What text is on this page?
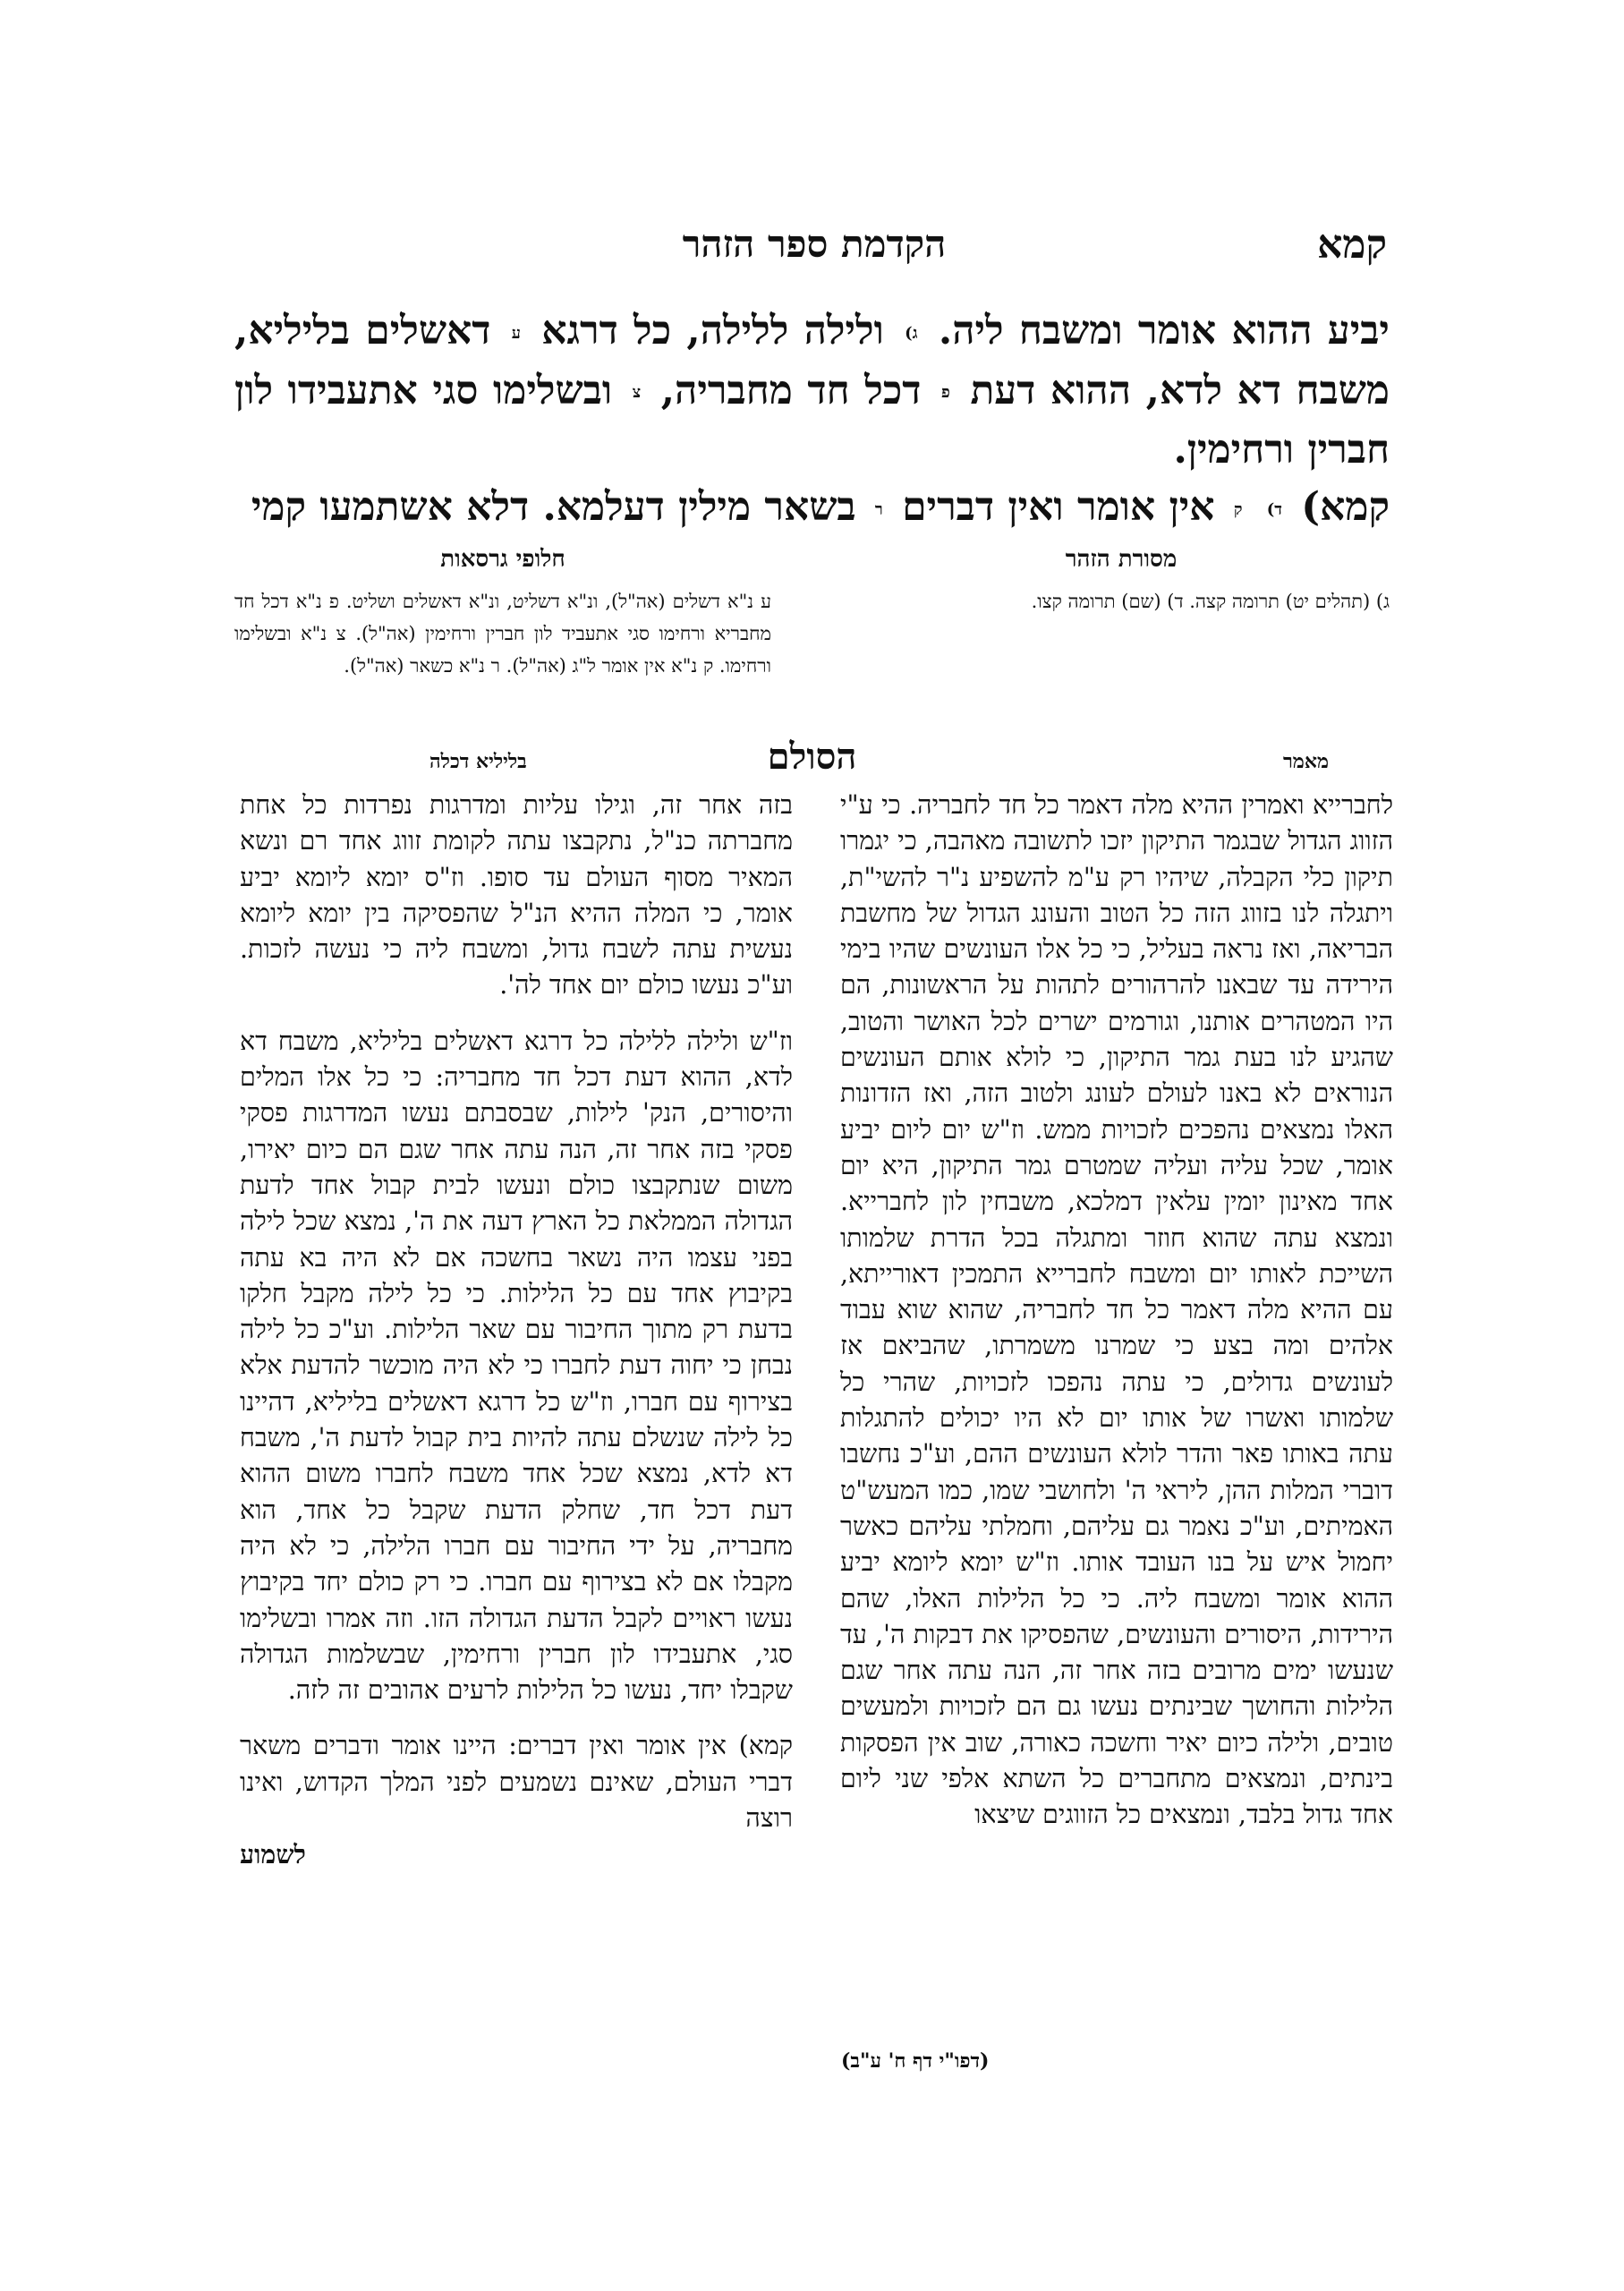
קמא
הקדמת ספר הזהר

יביע ההוא אומר ומשבח ליה. ג) ולילה ללילה, כל דרגא ע דאשלים בליליא, משבח דא לדא, ההוא דעת פ דכל חד מחבריה, צ ובשלימו סגי אתעבידו לון חברין ורחימין.

קמא) ד) ק אין אומר ואין דברים ר בשאר מילין דעלמא. דלא אשתמעו קמי

מסורת הזהר
ג) (תהלים יט) תרומה קצה. ד) (שם) תרומה קצו.
חלופי גרסאות
ע נ"א דשלים (אה"ל), ונ"א דשליט, ונ"א דאשלים ושליט. פ נ"א דכל חד מחבריא ורחימו סגי אתעביד לון חברין ורחימין (אה"ל). צ נ"א ובשלימו ורחימו. ק נ"א אין אומר ל"ג (אה"ל). ר נ"א כשאר (אה"ל).
מאמר
הסולם
בליליא דכלה

לחברייא ואמרין ההיא מלה דאמר כל חד לחבריה. כי ע"י הזווג הגדול שבגמר התיקון יזכו לתשובה מאהבה, כי יגמרו תיקון כלי הקבלה, שיהיו רק ע"מ להשפיע נ"ר להשי"ת, ויתגלה לנו בזווג הזה כל הטוב והעונג הגדול של מחשבת הבריאה, ואז נראה בעליל, כי כל אלו העונשים שהיו בימי הירידה עד שבאנו להרהורים לתהות על הראשונות, הם היו המטהרים אותנו, וגורמים ישרים לכל האושר והטוב, שהגיע לנו בעת גמר התיקון, כי לולא אותם העונשים הנוראים לא באנו לעולם לעונג ולטוב הזה, ואז הזדונות האלו נמצאים נהפכים לזכויות ממש. וז"ש יום ליום יביע אומר, שכל עליה ועליה שמטרם גמר התיקון, היא יום אחד מאינון יומין עלאין דמלכא, משבחין לון לחברייא. ונמצא עתה שהוא חוזר ומתגלה בכל הדרת שלמותו השייכת לאותו יום ומשבח לחברייא התמכין דאורייתא, עם ההיא מלה דאמר כל חד לחבריה, שהוא שוא עבוד אלהים ומה בצע כי שמרנו משמרתו, שהביאם אז לעונשים גדולים, כי עתה נהפכו לזכויות, שהרי כל שלמותו ואשרו של אותו יום לא היו יכולים להתגלות עתה באותו פאר והדר לולא העונשים ההם, וע"כ נחשבו דוברי המלות ההן, ליראי ה' ולחושבי שמו, כמו המעש"ט האמיתים, וע"כ נאמר גם עליהם, וחמלתי עליהם כאשר יחמול איש על בנו העובד אותו. וז"ש יומא ליומא יביע ההוא אומר ומשבח ליה. כי כל הלילות האלו, שהם הירידות, היסורים והעונשים, שהפסיקו את דבקות ה', עד שנעשו ימים מרובים בזה אחר זה, הנה עתה אחר שגם הלילות והחושך שבינתים נעשו גם הם לזכויות ולמעשים טובים, ולילה כיום יאיר וחשכה כאורה, שוב אין הפסקות בינתים, ונמצאים מתחברים כל השתא אלפי שני ליום אחד גדול בלבד, ונמצאים כל הזווגים שיצאו

בזה אחר זה, וגילו עליות ומדרגות נפרדות כל אחת מחברתה כנ"ל, נתקבצו עתה לקומת זווג אחד רם ונשא המאיר מסוף העולם עד סופו. וז"ס יומא ליומא יביע אומר, כי המלה ההיא הנ"ל שהפסיקה בין יומא ליומא נעשית עתה לשבח גדול, ומשבח ליה כי נעשה לזכות. וע"כ נעשו כולם יום אחד לה'.

וז"ש ולילה ללילה כל דרגא דאשלים בליליא, משבח דא לדא, ההוא דעת דכל חד מחבריה: כי כל אלו המלים והיסורים, הנק' לילות, שבסבתם נעשו המדרגות פסקי פסקי בזה אחר זה, הנה עתה אחר שגם הם כיום יאירו, משום שנתקבצו כולם ונעשו לבית קבול אחד לדעת הגדולה הממלאת כל הארץ דעה את ה', נמצא שכל לילה בפני עצמו היה נשאר בחשכה אם לא היה בא עתה בקיבוץ אחד עם כל הלילות. כי כל לילה מקבל חלקו בדעת רק מתוך החיבור עם שאר הלילות. וע"כ כל לילה נבחן כי יחוה דעת לחברו כי לא היה מוכשר להדעת אלא בצירוף עם חברו, וז"ש כל דרגא דאשלים בליליא, דהיינו כל לילה שנשלם עתה להיות בית קבול לדעת ה', משבח דא לדא, נמצא שכל אחד משבח לחברו משום ההוא דעת דכל חד, שחלק הדעת שקבל כל אחד, הוא מחבריה, על ידי החיבור עם חברו הלילה, כי לא היה מקבלו אם לא בצירוף עם חברו. כי רק כולם יחד בקיבוץ נעשו ראויים לקבל הדעת הגדולה הזו. וזה אמרו ובשלימו סגי, אתעבידו לון חברין ורחימין, שבשלמות הגדולה שקבלו יחד, נעשו כל הלילות לרעים אהובים זה לזה.

קמא) אין אומר ואין דברים: היינו אומר ודברים משאר דברי העולם, שאינם נשמעים לפני המלך הקדוש, ואינו רוצה

לשמוע
(דפו"י דף ח' ע"ב)
